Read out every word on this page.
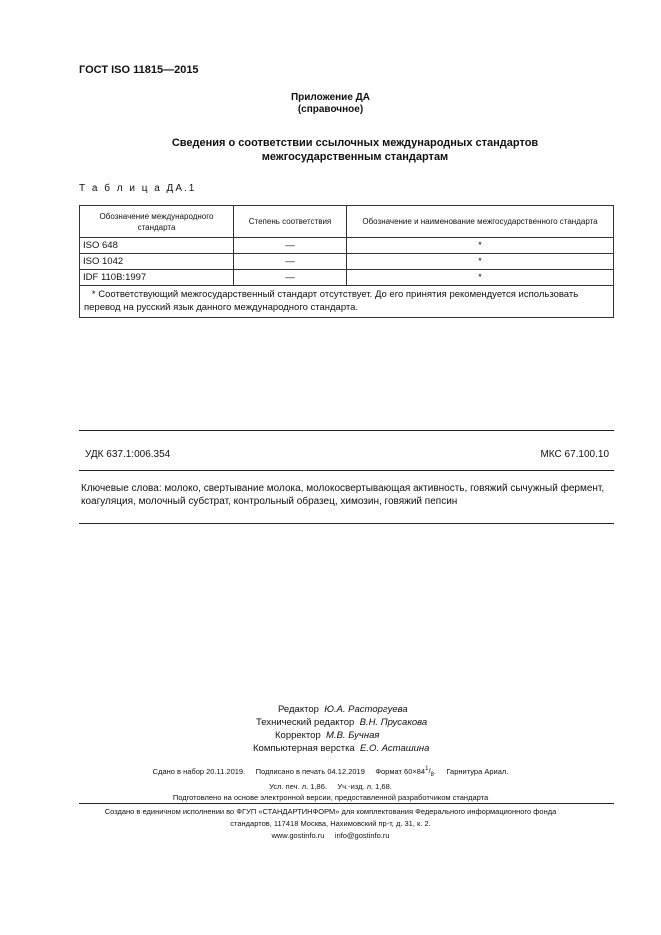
ГОСТ ISO 11815—2015
Приложение ДА
(справочное)
Сведения о соответствии ссылочных международных стандартов
межгосударственным стандартам
Т а б л и ц а ДА.1
Обозначение международного стандарта	Степень соответствия	Обозначение и наименование межгосударственного стандарта
ISO 648	—	*
ISO 1042	—	*
IDF 110B:1997	—	*
* Соответствующий межгосударственный стандарт отсутствует. До его принятия рекомендуется использовать перевод на русский язык данного международного стандарта.		
УДК 637.1:006.354	МКС 67.100.10
Ключевые слова: молоко, свертывание молока, молокосвертывающая активность, говяжий сычужный фермент, коагуляция, молочный субстрат, контрольный образец, химозин, говяжий пепсин
Редактор Ю.А. Расторгуева
Технический редактор В.Н. Прусакова
Корректор М.В. Бучная
Компьютерная верстка Е.О. Асташина
Сдано в набор 20.11.2019. Подписано в печать 04.12.2019 Формат $60\times 84^1/_8$.     Гарнитура Ариал.
Усл. печ. л. 1,86. Уч.-изд. л. 1,68.
Подготовлено на основе электронной версии, предоставленной разработчиком стандарта
Создано в единичном исполнении во ФГУП «СТАНДАРТИНФОРМ» для комплектования Федерального информационного фонда
стандартов, 117418 Москва, Нахимовский пр-т, д. 31, к. 2.
www.gostinfo.ru info@gostinfo.ru
